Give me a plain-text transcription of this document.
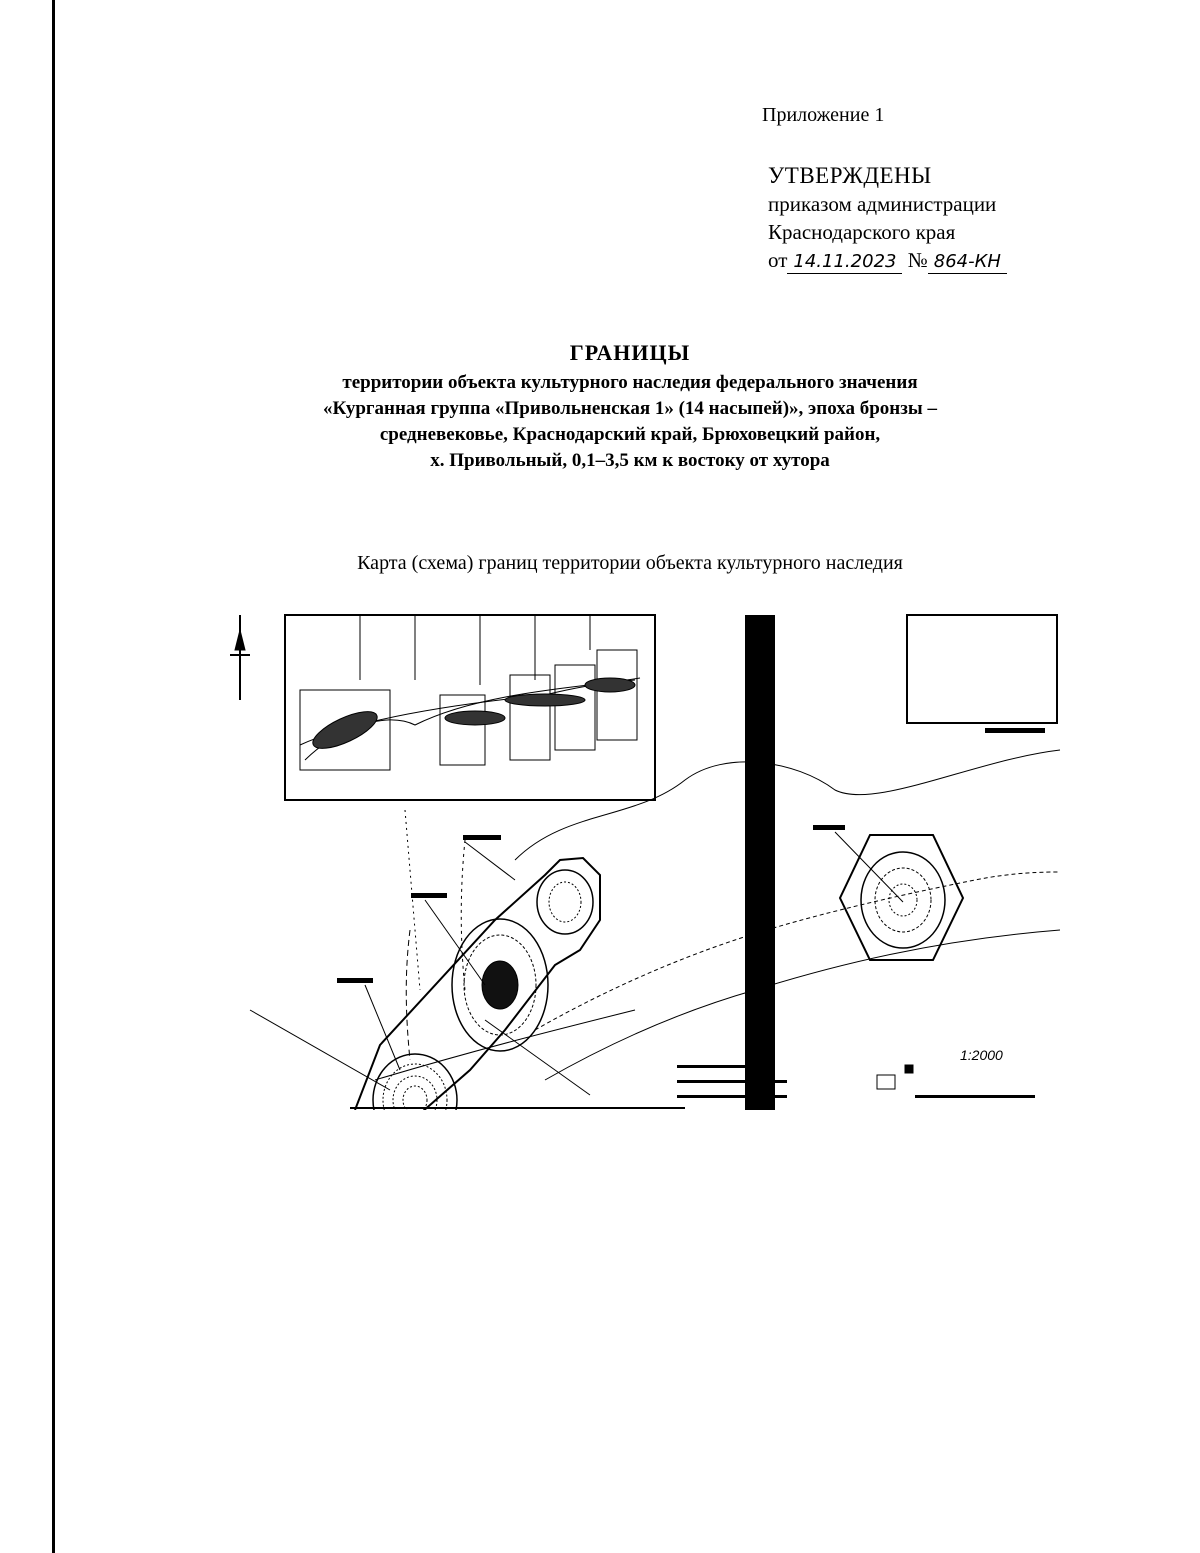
Приложение 1
УТВЕРЖДЕНЫ
приказом администрации
Краснодарского края
от 14.11.2023 № 864-КН
ГРАНИЦЫ
территории объекта культурного наследия федерального значения
«Курганная группа «Привольненская 1» (14 насыпей)», эпоха бронзы –
средневековье, Краснодарский край, Брюховецкий район,
х. Привольный, 0,1–3,5 км к востоку от хутора
Карта (схема) границ территории объекта культурного наследия
1:2000
